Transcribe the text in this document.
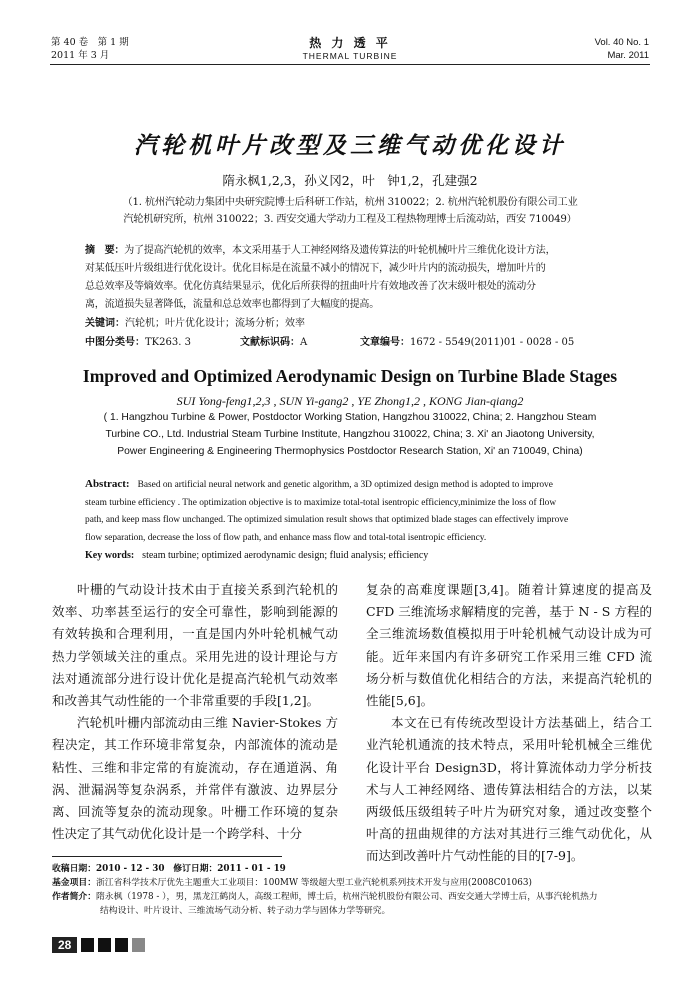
第 40 卷　第 1 期
2011 年 3 月
热 力 透 平
THERMAL TURBINE
Vol. 40 No. 1
Mar. 2011
汽轮机叶片改型及三维气动优化设计
隋永枫1,2,3，孙义冈2，叶　钟1,2，孔建强2
（1. 杭州汽轮动力集团中央研究院博士后科研工作站，杭州 310022；2. 杭州汽轮机股份有限公司工业
汽轮机研究所，杭州 310022；3. 西安交通大学动力工程及工程热物理博士后流动站，西安 710049）
摘　要：为了提高汽轮机的效率，本文采用基于人工神经网络及遗传算法的叶轮机械叶片三维优化设计方法，
对某低压叶片级组进行优化设计。优化目标是在流量不减小的情况下，减少叶片内的流动损失，增加叶片的
总总效率及等熵效率。优化仿真结果显示，优化后所获得的扭曲叶片有效地改善了次末级叶根处的流动分
离，流道损失显著降低，流量和总总效率也都得到了大幅度的提高。
关键词：汽轮机；叶片优化设计；流场分析；效率
中图分类号：TK263. 3	文献标识码：A	文章编号：1672 - 5549(2011)01 - 0028 - 05
Improved and Optimized Aerodynamic Design on Turbine Blade Stages
SUI Yong-feng1,2,3 , SUN Yi-gang2 , YE Zhong1,2 , KONG Jian-qiang2
( 1. Hangzhou Turbine & Power, Postdoctor Working Station, Hangzhou 310022, China; 2. Hangzhou Steam
Turbine CO., Ltd. Industrial Steam Turbine Institute, Hangzhou 310022, China; 3. Xi' an Jiaotong University,
Power Engineering & Engineering Thermophysics Postdoctor Research Station, Xi' an 710049, China)
Abstract: Based on artificial neural network and genetic algorithm, a 3D optimized design method is adopted to improve
steam turbine efficiency . The optimization objective is to maximize total-total isentropic efficiency,minimize the loss of flow
path, and keep mass flow unchanged. The optimized simulation result shows that optimized blade stages can effectively improve
flow separation, decrease the loss of flow path, and enhance mass flow and total-total isentropic efficiency.
Key words: steam turbine; optimized aerodynamic design; fluid analysis; efficiency

叶栅的气动设计技术由于直接关系到汽轮机的效率、功率甚至运行的安全可靠性，影响到能源的有效转换和合理利用，一直是国内外叶轮机械气动热力学领域关注的重点。采用先进的设计理论与方法对通流部分进行设计优化是提高汽轮机气动效率和改善其气动性能的一个非常重要的手段[1,2]。

汽轮机叶栅内部流动由三维 Navier-Stokes 方程决定，其工作环境非常复杂，内部流体的流动是粘性、三维和非定常的有旋流动，存在通道涡、角涡、泄漏涡等复杂涡系，并常伴有激波、边界层分离、回流等复杂的流动现象。叶栅工作环境的复杂性决定了其气动优化设计是一个跨学科、十分

复杂的高难度课题[3,4]。随着计算速度的提高及 CFD 三维流场求解精度的完善，基于 N - S 方程的全三维流场数值模拟用于叶轮机械气动设计成为可能。近年来国内有许多研究工作采用三维 CFD 流场分析与数值优化相结合的方法，来提高汽轮机的性能[5,6]。

本文在已有传统改型设计方法基础上，结合工业汽轮机通流的技术特点，采用叶轮机械全三维优化设计平台 Design3D，将计算流体动力学分析技术与人工神经网络、遗传算法相结合的方法，以某两级低压级组转子叶片为研究对象，通过改变整个叶高的扭曲规律的方法对其进行三维气动优化，从而达到改善叶片气动性能的目的[7-9]。

收稿日期：2010 - 12 - 30　修订日期：2011 - 01 - 19
基金项目：浙江省科学技术厅优先主题重大工业项目：100MW 等级超大型工业汽轮机系列技术开发与应用(2008C01063)
作者简介：隋永枫（1978 - ），男，黑龙江鹤岗人，高级工程师，博士后，杭州汽轮机股份有限公司、西安交通大学博士后，从事汽轮机热力
结构设计、叶片设计、三维流场气动分析、转子动力学与固体力学等研究。
28
